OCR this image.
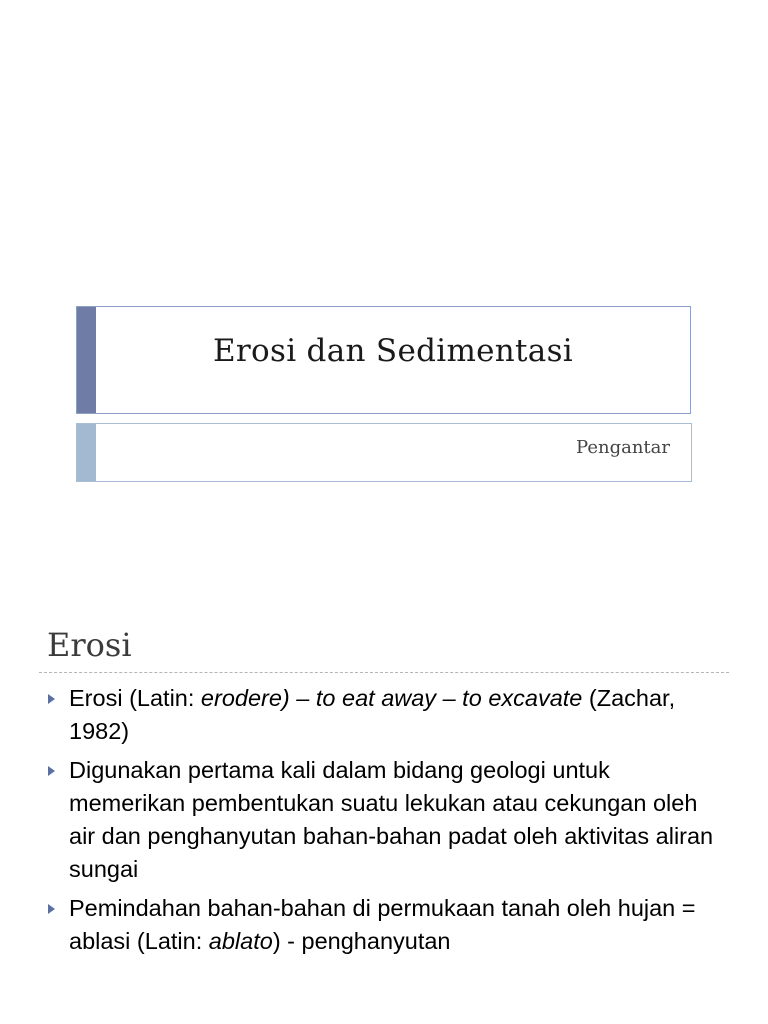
Erosi dan Sedimentasi
Pengantar
Erosi
Erosi (Latin: erodere) – to eat away – to excavate (Zachar, 1982)
Digunakan pertama kali dalam bidang geologi untuk memerikan pembentukan suatu lekukan atau cekungan oleh air dan penghanyutan bahan-bahan padat oleh aktivitas aliran sungai
Pemindahan bahan-bahan di permukaan tanah oleh hujan = ablasi (Latin: ablato) - penghanyutan
